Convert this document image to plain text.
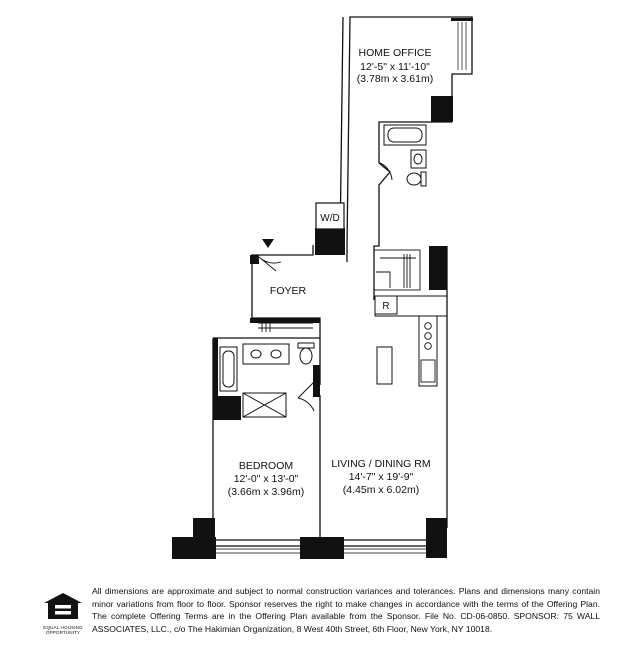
HOME OFFICE
12'-5" x 11'-10"
(3.78m x 3.61m)
W/D
R
FOYER
BEDROOM
12'-0" x 13'-0"
(3.66m x 3.96m)
LIVING / DINING RM
14'-7" x 19'-9"
(4.45m x 6.02m)
EQUAL HOUSING
OPPORTUNITY
All dimensions are approximate and subject to normal construction variances and tolerances. Plans and dimensions many contain minor variations from floor to floor. Sponsor reserves the right to make changes in accordance with the terms of the Offering Plan. The complete Offering Terms are in the Offering Plan available from the Sponsor. File No. CD-06-0850. SPONSOR: 75 WALL ASSOCIATES, LLC., c/o The Hakimian Organization, 8 West 40th Street, 6th Floor, New York, NY 10018.
